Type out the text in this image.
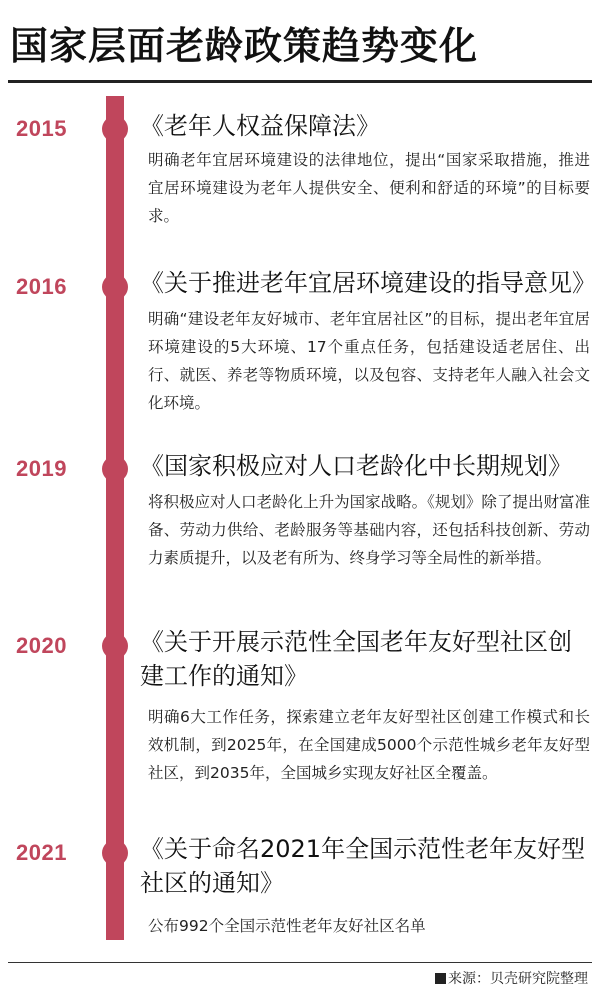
国家层面老龄政策趋势变化
2015	《老年人权益保障法》
明确老年宜居环境建设的法律地位，提出“国家采取措施，推进宜居环境建设为老年人提供安全、便利和舒适的环境”的目标要求。
2016	《关于推进老年宜居环境建设的指导意见》
明确“建设老年友好城市、老年宜居社区”的目标，提出老年宜居环境建设的5大环境、17个重点任务，包括建设适老居住、出行、就医、养老等物质环境，以及包容、支持老年人融入社会文化环境。
2019	《国家积极应对人口老龄化中长期规划》
将积极应对人口老龄化上升为国家战略。《规划》除了提出财富准备、劳动力供给、老龄服务等基础内容，还包括科技创新、劳动力素质提升，以及老有所为、终身学习等全局性的新举措。
2020	《关于开展示范性全国老年友好型社区创建工作的通知》
明确6大工作任务，探索建立老年友好型社区创建工作模式和长效机制，到2025年，在全国建成5000个示范性城乡老年友好型社区，到2035年，全国城乡实现友好社区全覆盖。
2021	《关于命名2021年全国示范性老年友好型社区的通知》
公布992个全国示范性老年友好社区名单
来源：贝壳研究院整理
